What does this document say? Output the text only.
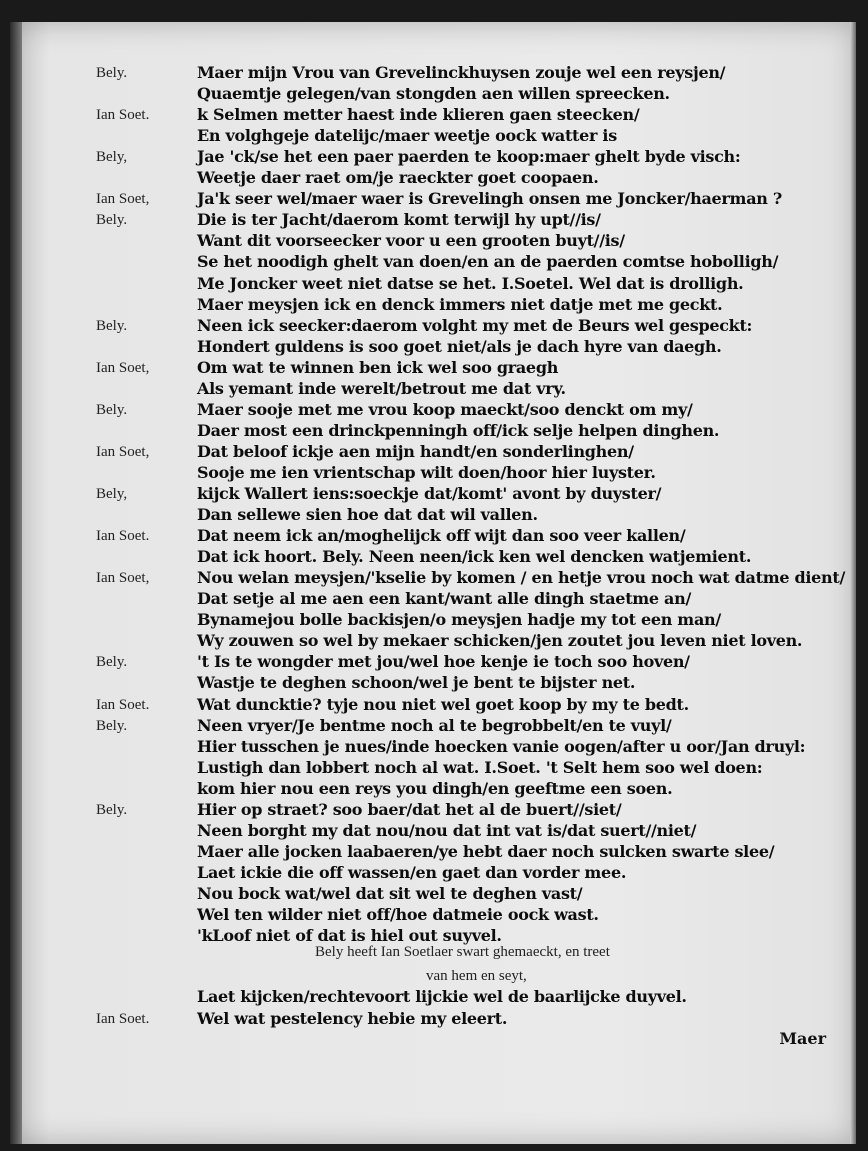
Bely.	Maer mijn Vrou van Grevelinckhuysen zouje wel een reysjen/
Quaemtje gelegen/van stongden aen willen spreecken.
Ian Soet.	k Selmen metter haest inde klieren gaen steecken/
En volghgeje datelijc/maer weetje oock watter is
Bely,	Jae 'ck/se het een paer paerden te koop:maer ghelt byde visch:
Weetje daer raet om/je raeckter goet coopaen.
Ian Soet,	Ja'k seer wel/maer waer is Grevelingh onsen me Joncker/haerman ?
Bely.	Die is ter Jacht/daerom komt terwijl hy upt//is/
Want dit voorseecker voor u een grooten buyt//is/
Se het noodigh ghelt van doen/en an de paerden comtse hobolligh/
Me Joncker weet niet datse se het. I.Soetel. Wel dat is drolligh.
Maer meysjen ick en denck immers niet datje met me geckt.
Bely.	Neen ick seecker:daerom volght my met de Beurs wel gespeckt:
Hondert guldens is soo goet niet/als je dach hyre van daegh.
Ian Soet,	Om wat te winnen ben ick wel soo graegh
Als yemant inde werelt/betrout me dat vry.
Bely.	Maer sooje met me vrou koop maeckt/soo denckt om my/
Daer most een drinckpenningh off/ick selje helpen dinghen.
Ian Soet,	Dat beloof ickje aen mijn handt/en sonderlinghen/
Sooje me ien vrientschap wilt doen/hoor hier luyster.
Bely,	kijck Wallert iens:soeckje dat/komt' avont by duyster/
Dan sellewe sien hoe dat dat wil vallen.
Ian Soet.	Dat neem ick an/moghelijck off wijt dan soo veer kallen/
Dat ick hoort. Bely. Neen neen/ick ken wel dencken watjemient.
Ian Soet,	Nou welan meysjen/'kselie by komen / en hetje vrou noch wat datme dient/
Dat setje al me aen een kant/want alle dingh staetme an/
Bynamejou bolle backisjen/o meysjen hadje my tot een man/
Wy zouwen so wel by mekaer schicken/jen zoutet jou leven niet loven.
Bely.	't Is te wongder met jou/wel hoe kenje ie toch soo hoven/
Wastje te deghen schoon/wel je bent te bijster net.
Ian Soet.	Wat duncktie? tyje nou niet wel goet koop by my te bedt.
Bely.	Neen vryer/Je bentme noch al te begrobbelt/en te vuyl/
Hier tusschen je nues/inde hoecken vanie oogen/after u oor/Jan druyl:
Lustigh dan lobbert noch al wat. I.Soet. 't Selt hem soo wel doen:
kom hier nou een reys you dingh/en geeftme een soen.
Bely.	Hier op straet? soo baer/dat het al de buert//siet/
Neen borght my dat nou/nou dat int vat is/dat suert//niet/
Maer alle jocken laabaeren/ye hebt daer noch sulcken swarte slee/
Laet ickie die off wassen/en gaet dan vorder mee.
Nou bock wat/wel dat sit wel te deghen vast/
Wel ten wilder niet off/hoe datmeie oock wast.
'kLoof niet of dat is hiel out suyvel.
Bely heeft Ian Soetlaer swart ghemaeckt, en treet
van hem en seyt,
Laet kijcken/rechtevoort lijckie wel de baarlijcke duyvel.
Ian Soet.	Wel wat pestelency hebie my eleert.
Maer
